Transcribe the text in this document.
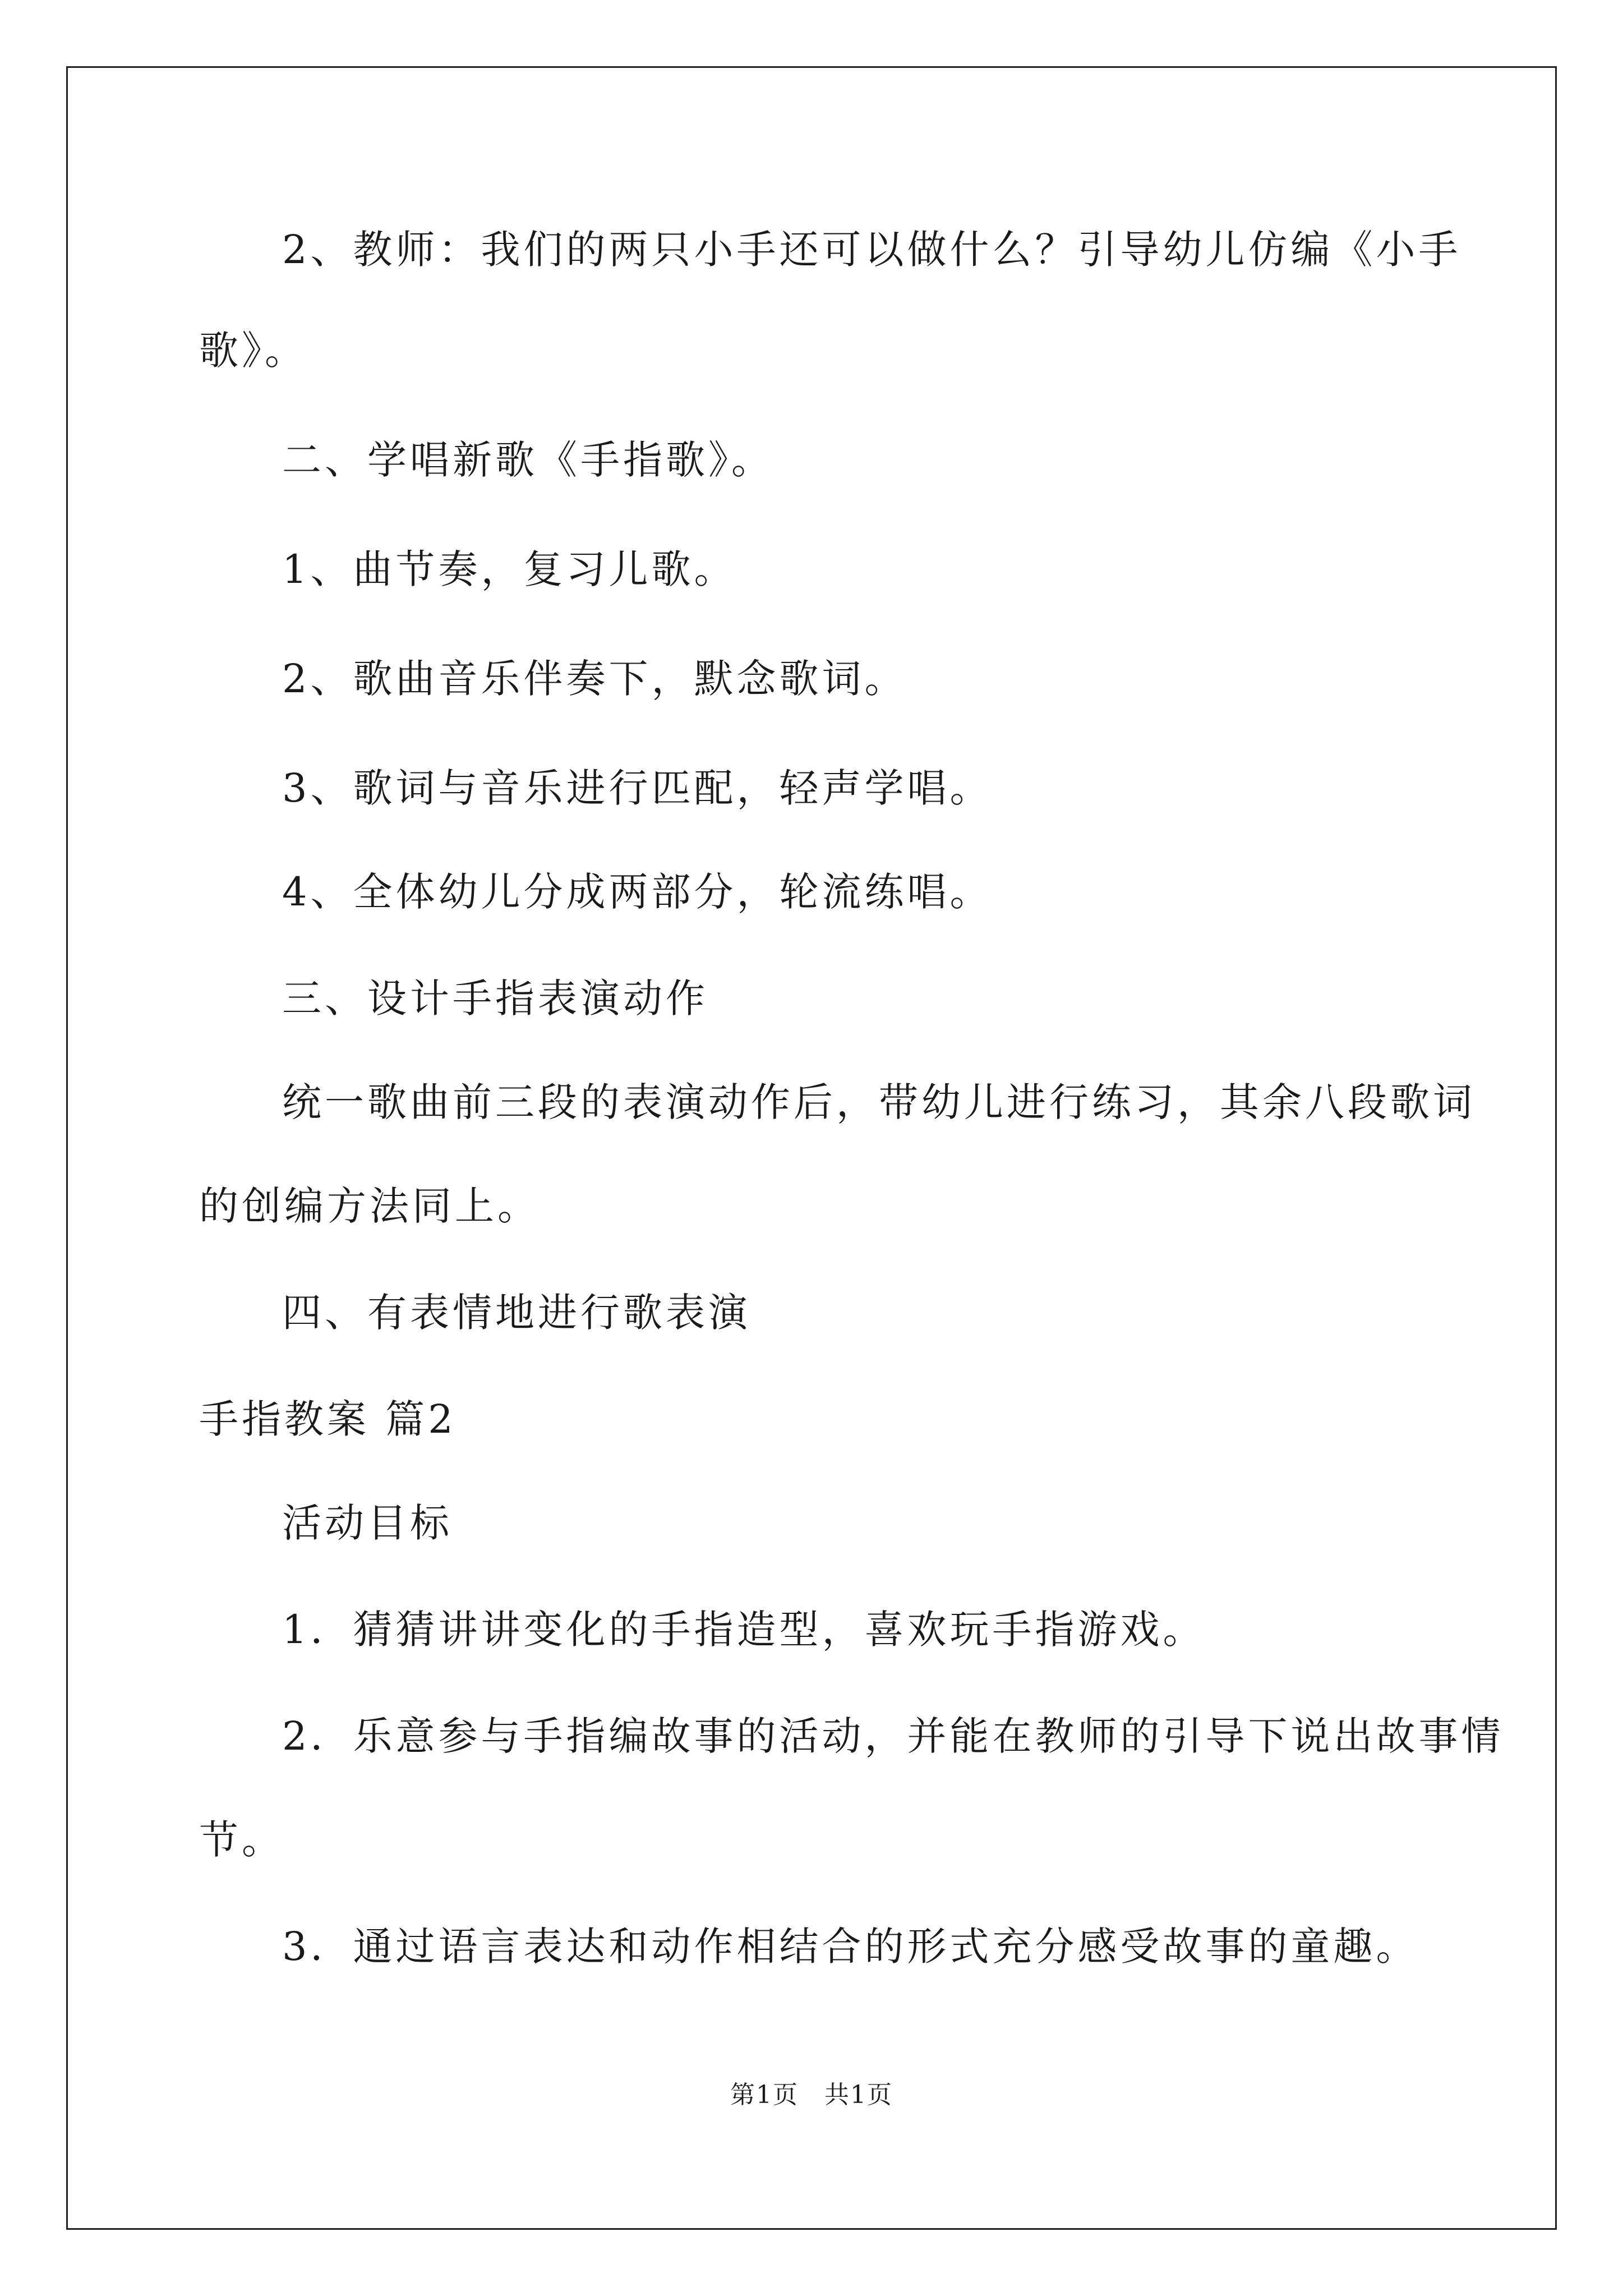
2、教师：我们的两只小手还可以做什么？引导幼儿仿编《小手
歌》。
二、学唱新歌《手指歌》。
1、曲节奏，复习儿歌。
2、歌曲音乐伴奏下，默念歌词。
3、歌词与音乐进行匹配，轻声学唱。
4、全体幼儿分成两部分，轮流练唱。
三、设计手指表演动作
统一歌曲前三段的表演动作后，带幼儿进行练习，其余八段歌词
的创编方法同上。
四、有表情地进行歌表演
手指教案 篇2
活动目标
1．猜猜讲讲变化的手指造型，喜欢玩手指游戏。
2．乐意参与手指编故事的活动，并能在教师的引导下说出故事情
节。
3．通过语言表达和动作相结合的形式充分感受故事的童趣。
第1页　共1页
